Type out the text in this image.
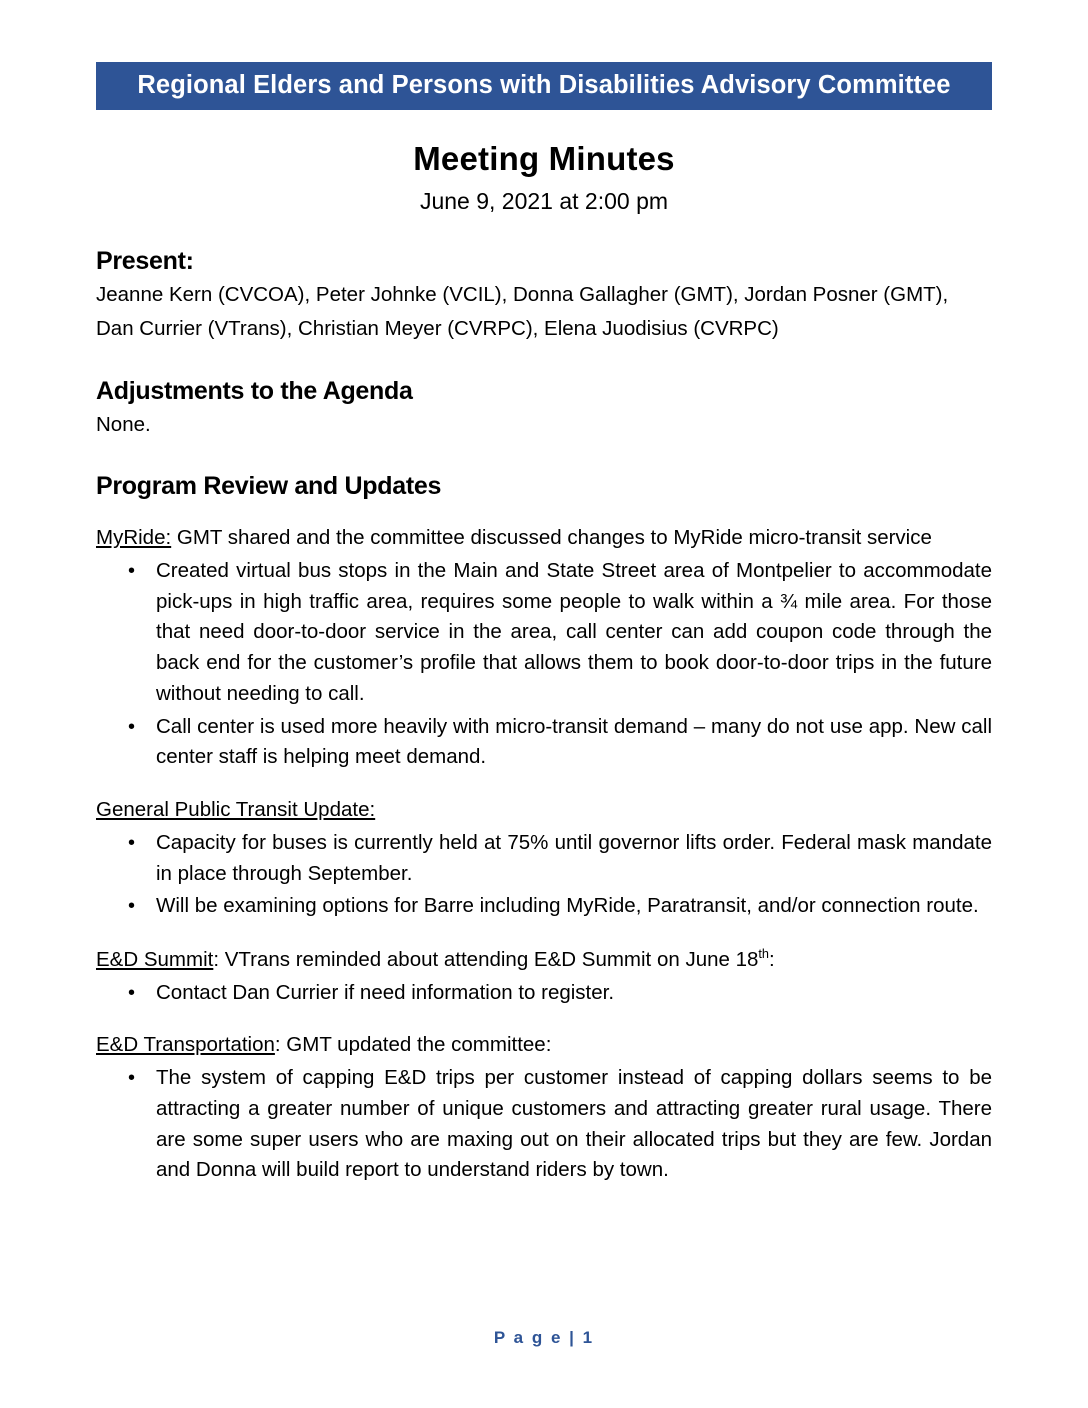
Regional Elders and Persons with Disabilities Advisory Committee
Meeting Minutes
June 9, 2021 at 2:00 pm
Present:
Jeanne Kern (CVCOA), Peter Johnke (VCIL), Donna Gallagher (GMT), Jordan Posner (GMT),
Dan Currier (VTrans), Christian Meyer (CVRPC), Elena Juodisius (CVRPC)
Adjustments to the Agenda
None.
Program Review and Updates

MyRide: GMT shared and the committee discussed changes to MyRide micro-transit service

• Created virtual bus stops in the Main and State Street area of Montpelier to accommodate pick-ups in high traffic area, requires some people to walk within a ¾ mile area. For those that need door-to-door service in the area, call center can add coupon code through the back end for the customer’s profile that allows them to book door-to-door trips in the future without needing to call.
• Call center is used more heavily with micro-transit demand – many do not use app. New call center staff is helping meet demand.

General Public Transit Update:

• Capacity for buses is currently held at 75% until governor lifts order. Federal mask mandate in place through September.
• Will be examining options for Barre including MyRide, Paratransit, and/or connection route.

E&D Summit: VTrans reminded about attending E&D Summit on June 18th:

• Contact Dan Currier if need information to register.

E&D Transportation: GMT updated the committee:

• The system of capping E&D trips per customer instead of capping dollars seems to be attracting a greater number of unique customers and attracting greater rural usage. There are some super users who are maxing out on their allocated trips but they are few. Jordan and Donna will build report to understand riders by town.
P a g e | 1
